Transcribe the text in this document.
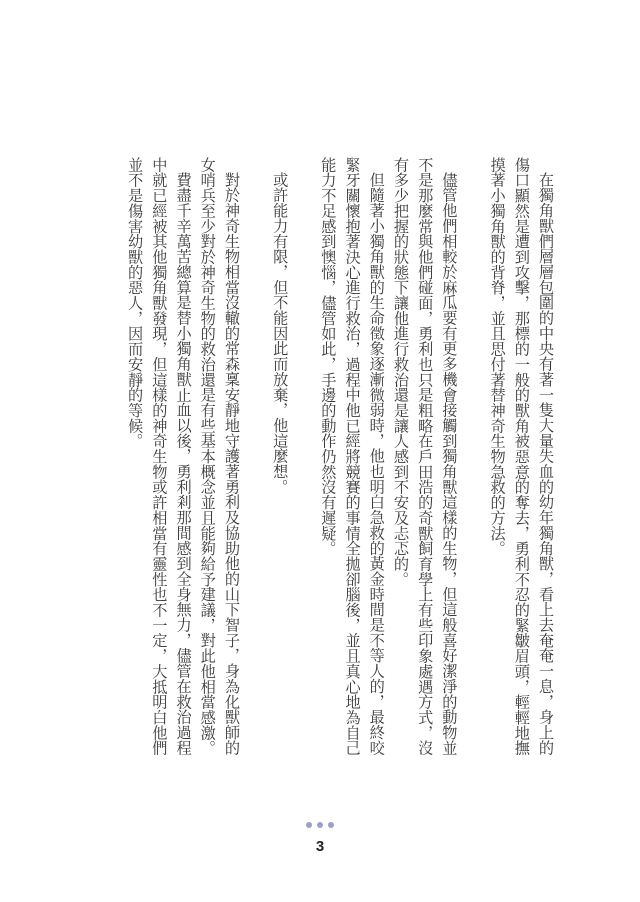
在獨角獸們層層包圍的中央有著一隻大量失血的幼年獨角獸，看上去奄奄一息，身上的傷口顯然是遭到攻擊，那標的一般的獸角被惡意的奪去，勇利不忍的緊皺眉頭，輕輕地撫摸著小獨角獸的背脊，並且思付著替神奇生物急救的方法。

儘管他們相較於麻瓜要有更多機會接觸到獨角獸這樣的生物，但這般喜好潔淨的動物並不是那麼常與他們碰面，勇利也只是粗略在戶田浩的奇獸飼育學上有些印象處遇方式，沒有多少把握的狀態下讓他進行救治還是讓人感到不安及忐忑的。

但隨著小獨角獸的生命徵象逐漸微弱時，他也明白急救的黃金時間是不等人的，最終咬緊牙關懷抱著決心進行救治，過程中他已經將競賽的事情全拋卻腦後，並且真心地為自己能力不足感到懊惱，儘管如此，手邊的動作仍然沒有遲疑。

或許能力有限，但不能因此而放棄，他這麼想。

對於神奇生物相當沒轍的常森稟安靜地守護著勇利及協助他的山下智子，身為化獸師的女哨兵至少對於神奇生物的救治還是有些基本概念並且能夠給予建議，對此他相當感激。

費盡千辛萬苦總算是替小獨角獸止血以後，勇利剎那間感到全身無力，儘管在救治過程中就已經被其他獨角獸發現，但這樣的神奇生物或許相當有靈性也不一定，大抵明白他們並不是傷害幼獸的惡人，因而安靜的等候。

3
